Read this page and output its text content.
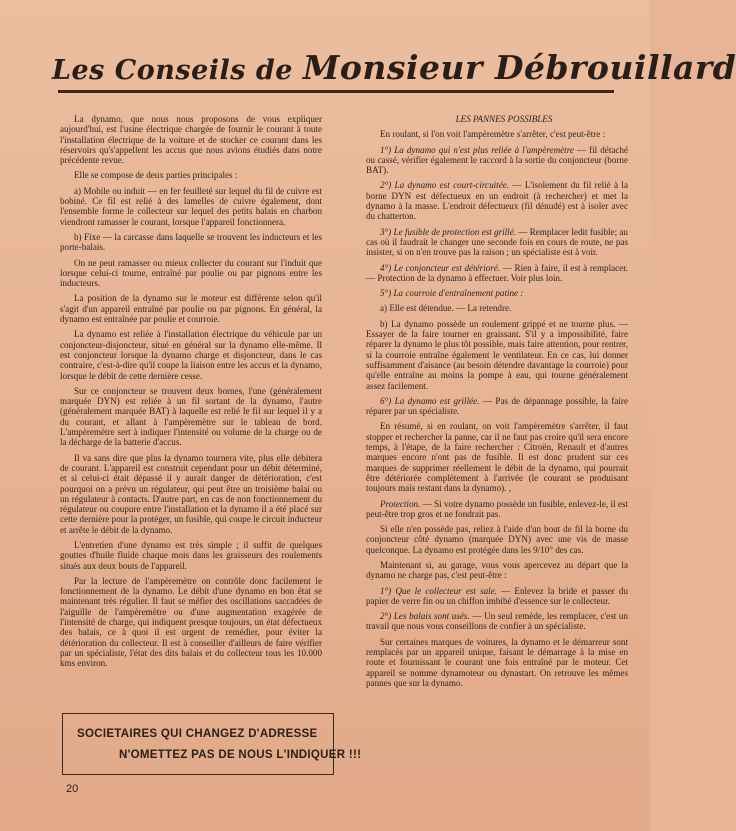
Les Conseils de Monsieur Débrouillard

La dynamo, que nous nous proposons de vous expliquer aujourd'hui, est l'usine électrique chargée de fournir le courant à toute l'installation électrique de la voiture et de stocker ce courant dans les réservoirs qu's'appellent les accus que nous avions étudiés dans notre précédente revue.

Elle se compose de deux parties principales :

a) Mobile ou induit — en fer feuilleté sur lequel du fil de cuivre est bobiné. Ce fil est relié à des lamelles de cuivre également, dont l'ensemble forme le collecteur sur lequel des petits balais en charbon viendront ramasser le courant, lorsque l'appareil fonctionnera.

b) Fixe — la carcasse dans laquelle se trouvent les inducteurs et les porte-balais.

On ne peut ramasser ou mieux collecter du courant sur l'induit que lorsque celui-ci tourne, entraîné par poulie ou par pignons entre les inducteurs.

La position de la dynamo sur le moteur est différente selon qu'il s'agit d'un appareil entraîné par poulie ou par pignons. En général, la dynamo est entraînée par poulie et courroie.

La dynamo est reliée à l'installation électrique du véhicule par un conjoncteur-disjoncteur, situé en général sur la dynamo elle-même. Il est conjoncteur lorsque la dynamo charge et disjoncteur, dans le cas contraire, c'est-à-dire qu'il coupe la liaison entre les accus et la dynamo, lorsque le débit de cette dernière cesse.

Sur ce conjoncteur se trouvent deux bornes, l'une (généralement marquée DYN) est reliée à un fil sortant de la dynamo, l'autre (généralement marquée BAT) à laquelle est relié le fil sur lequel il y a du courant, et allant à l'ampèremètre sur le tableau de bord. L'ampèremètre sert à indiquer l'intensité ou volume de la charge ou de la décharge de la batterie d'accus.

Il va sans dire que plus la dynamo tournera vite, plus elle débitera de courant. L'appareil est construit cependant pour un débit déterminé, et si celui-ci était dépassé il y aurait danger de détérioration, c'est pourquoi on a prévu un régulateur, qui peut être un troisième balai ou un régulateur à contacts. D'autre part, en cas de non fonctionnement du régulateur ou coupure entre l'installation et la dynamo il a été placé sur cette dernière pour la protéger, un fusible, qui coupe le circuit inducteur et arrête le débit de la dynamo.

L'entretien d'une dynamo est très simple ; il suffit de quelques gouttes d'huile fluide chaque mois dans les graisseurs des roulements situés aux deux bouts de l'appareil.

Par la lecture de l'ampèremètre on contrôle donc facilement le fonctionnement de la dynamo. Le débit d'une dynamo en bon état se maintenant très régulier. Il faut se méfier des oscillations saccadées de l'aiguille de l'ampèremètre ou d'une augmentation exagérée de l'intensité de charge, qui indiquent presque toujours, un état défectueux des balais, ce à quoi il est urgent de remédier, pour éviter la détérioration du collecteur. Il est à conseiller d'ailleurs de faire vérifier par un spécialiste, l'état des dits balais et du collecteur tous les 10.000 kms environ.

LES PANNES POSSIBLES

En roulant, si l'on voit l'ampèremètre s'arrêter, c'est peut-être :

1°) La dynamo qui n'est plus reliée à l'ampèremètre — fil détaché ou cassé, vérifier également le raccord à la sortie du conjoncteur (borne BAT).

2°) La dynamo est court-circuitée. — L'isolement du fil relié à la borne DYN est défectueux en un endroit (à rechercher) et met la dynamo à la masse. L'endroit défectueux (fil dénudé) est à isoler avec du chatterton.

3°) Le fusible de protection est grillé. — Remplacer ledit fusible; au cas où il faudrait le changer une seconde fois en cours de route, ne pas insister, si on n'en trouve pas la raison ; un spécialiste est à voir.

4°) Le conjoncteur est détérioré. — Rien à faire, il est à remplacer. — Protection de la dynamo à effectuer. Voir plus loin.

5°) La courroie d'entraînement patine :

a) Elle est détendue. — La retendre.

b) La dynamo possède un roulement grippé et ne tourne plus. — Essayer de la faire tourner en graissant. S'il y a impossibilité, faire réparer la dynamo le plus tôt possible, mais faire attention, pour rentrer, si la courroie entraîne également le ventilateur. En ce cas, lui donner suffisamment d'aisance (au besoin détendre davantage la courroie) pour qu'elle entraîne au moins la pompe à eau, qui tourne généralement assez facilement.

6°) La dynamo est grillée. — Pas de dépannage possible, la faire réparer par un spécialiste.

En résumé, si en roulant, on voit l'ampèremètre s'arrêter, il faut stopper et rechercher la panne, car il ne faut pas croire qu'il sera encore temps, à l'étape, de la faire rechercher : Citroën, Renault et d'autres marques encore n'ont pas de fusible. Il est donc prudent sur ces marques de supprimer réellement le débit de la dynamo, qui pourrait être détériorée complètement à l'arrivée (le courant se produisant toujours mais restant dans la dynamo). ,

Protection. — Si votre dynamo possède un fusible, enlevez-le, il est peut-être trop gros et ne fondrait pas.

Si elle n'en possède pas, reliez à l'aide d'un bout de fil la borne du conjoncteur côté dynamo (marquée DYN) avec une vis de masse quelconque. La dynamo est protégée dans les 9/10° des cas.

Maintenant si, au garage, vous vous apercevez au départ que la dynamo ne charge pas, c'est peut-être :

1°) Que le collecteur est sale. — Enlevez la bride et passer du papier de verre fin ou un chiffon imbibé d'essence sur le collecteur.

2°) Les balais sont usés. — Un seul remède, les remplacer, c'est un travail que nous vous conseillons de confier à un spécialiste.

Sur certaines marques de voitures, la dynamo et le démarreur sont remplacés par un appareil unique, faisant le démarrage à la mise en route et fournissant le courant une fois entraîné par le moteur. Cet appareil se nomme dynamoteur ou dynastart. On retrouve les mêmes pannes que sur la dynamo.

SOCIETAIRES QUI CHANGEZ D'ADRESSE
N'OMETTEZ PAS DE NOUS L'INDIQUER !!!
20
